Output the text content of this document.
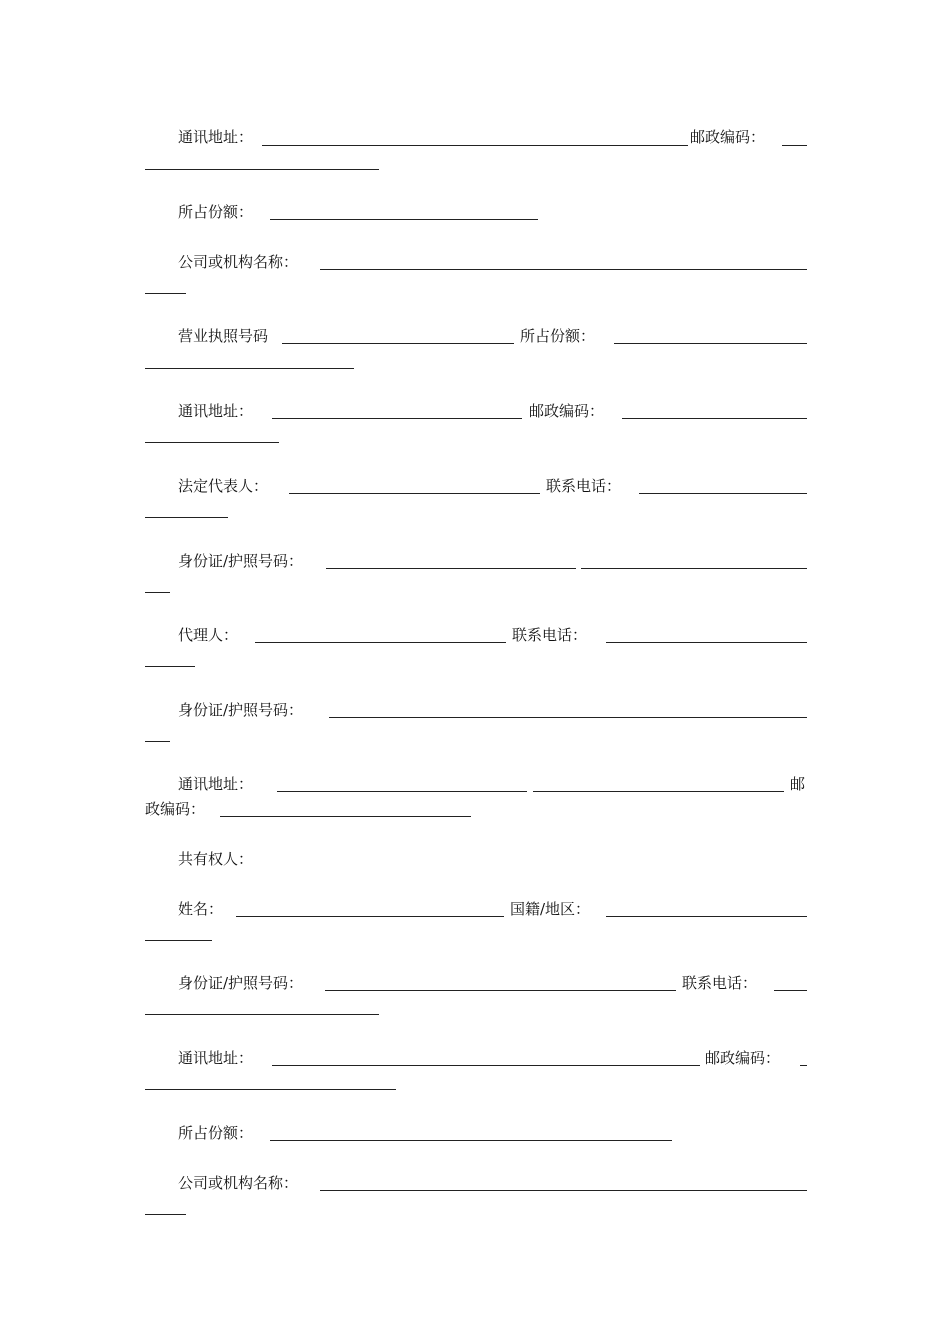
通讯地址：	邮政编码：
所占份额：
公司或机构名称：
营业执照号码	所占份额：
通讯地址：	邮政编码：
法定代表人：	联系电话：
身份证/护照号码：
代理人：	联系电话：
身份证/护照号码：
通讯地址：	邮
政编码：
共有权人：
姓名：	国籍/地区：
身份证/护照号码：	联系电话：
通讯地址：	邮政编码：
所占份额：
公司或机构名称：
